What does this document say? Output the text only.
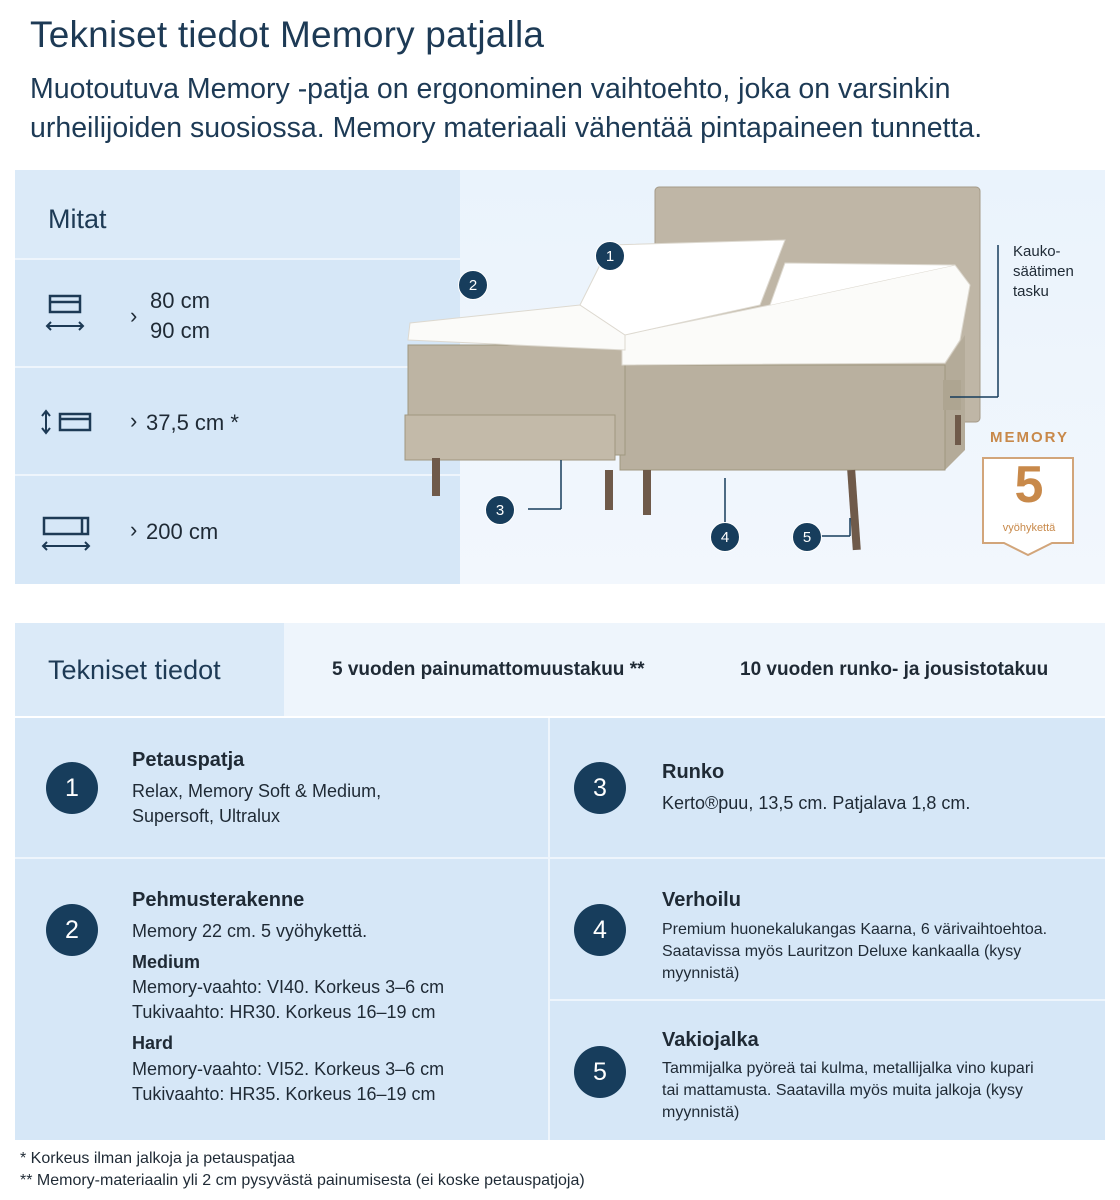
Tekniset tiedot Memory patjalla
Muotoutuva Memory -patja on ergonominen vaihtoehto, joka on varsinkin
urheilijoiden suosiossa. Memory materiaali vähentää pintapaineen tunnetta.
Mitat
›
80 cm
90 cm
› 37,5 cm *
› 200 cm
1
2
3
4	5
Kauko-
säätimen
tasku
MEMORY
5
vyöhykettä
Tekniset tiedot	5 vuoden painumattomuustakuu **	10 vuoden runko- ja jousistotakuu
1
Petauspatja
Relax, Memory Soft & Medium,
Supersoft, Ultralux
2
Pehmusterakenne
Memory 22 cm. 5 vyöhykettä.
Medium
Memory-vaahto: VI40. Korkeus 3–6 cm
Tukivaahto: HR30. Korkeus 16–19 cm
Hard
Memory-vaahto: VI52. Korkeus 3–6 cm
Tukivaahto: HR35. Korkeus 16–19 cm
3
Runko
Kerto®puu, 13,5 cm. Patjalava 1,8 cm.
4
Verhoilu
Premium huonekalukangas Kaarna, 6 värivaihtoehtoa.
Saatavissa myös Lauritzon Deluxe kankaalla (kysy
myynnistä)
5
Vakiojalka
Tammijalka pyöreä tai kulma, metallijalka vino kupari
tai mattamusta. Saatavilla myös muita jalkoja (kysy
myynnistä)
* Korkeus ilman jalkoja ja petauspatjaa
** Memory-materiaalin yli 2 cm pysyvästä painumisesta (ei koske petauspatjoja)
